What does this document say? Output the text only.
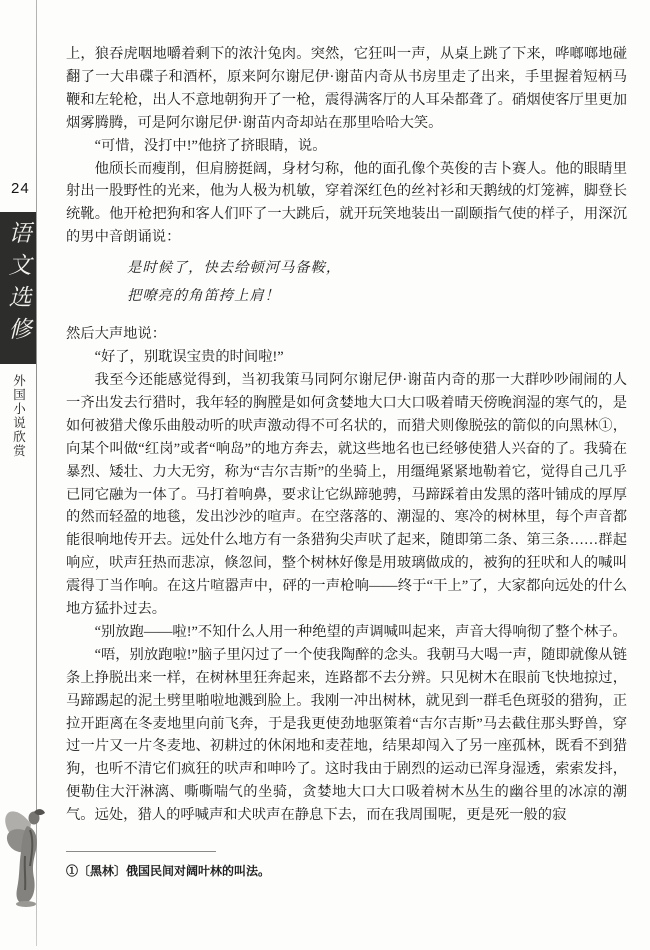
24
语文选修
外国小说欣赏

上，狼吞虎咽地嚼着剩下的浓汁兔肉。突然，它狂叫一声，从桌上跳了下来，哗啷啷地碰翻了一大串碟子和酒杯，原来阿尔谢尼伊·谢苗内奇从书房里走了出来，手里握着短柄马鞭和左轮枪，出人不意地朝狗开了一枪，震得满客厅的人耳朵都聋了。硝烟使客厅里更加烟雾腾腾，可是阿尔谢尼伊·谢苗内奇却站在那里哈哈大笑。

“可惜，没打中!”他挤了挤眼睛，说。

他颀长而瘦削，但肩膀挺阔，身材匀称，他的面孔像个英俊的吉卜赛人。他的眼睛里射出一股野性的光来，他为人极为机敏，穿着深红色的丝衬衫和天鹅绒的灯笼裤，脚登长统靴。他开枪把狗和客人们吓了一大跳后，就开玩笑地装出一副颐指气使的样子，用深沉的男中音朗诵说：

是时候了，快去给顿河马备鞍，
把嘹亮的角笛挎上肩！

然后大声地说：

“好了，别耽误宝贵的时间啦!”

我至今还能感觉得到，当初我策马同阿尔谢尼伊·谢苗内奇的那一大群吵吵闹闹的人一齐出发去行猎时，我年轻的胸膛是如何贪婪地大口大口吸着晴天傍晚润湿的寒气的，是如何被猎犬像乐曲般动听的吠声激动得不可名状的，而猎犬则像脱弦的箭似的向黑林①，向某个叫做“红岗”或者“响岛”的地方奔去，就这些地名也已经够使猎人兴奋的了。我骑在暴烈、矮壮、力大无穷，称为“吉尔吉斯”的坐骑上，用缰绳紧紧地勒着它，觉得自己几乎已同它融为一体了。马打着响鼻，要求让它纵蹄驰骋，马蹄踩着由发黑的落叶铺成的厚厚的然而轻盈的地毯，发出沙沙的喧声。在空落落的、潮湿的、寒冷的树林里，每个声音都能很响地传开去。远处什么地方有一条猎狗尖声吠了起来，随即第二条、第三条……群起响应，吠声狂热而悲凉，倏忽间，整个树林好像是用玻璃做成的，被狗的狂吠和人的喊叫震得丁当作响。在这片喧嚣声中，砰的一声枪响——终于“干上”了，大家都向远处的什么地方猛扑过去。

“别放跑——啦!”不知什么人用一种绝望的声调喊叫起来，声音大得响彻了整个林子。

“唔，别放跑啦!”脑子里闪过了一个使我陶醉的念头。我朝马大喝一声，随即就像从链条上挣脱出来一样，在树林里狂奔起来，连路都不去分辨。只见树木在眼前飞快地掠过，马蹄踢起的泥土劈里啪啦地溅到脸上。我刚一冲出树林，就见到一群毛色斑驳的猎狗，正拉开距离在冬麦地里向前飞奔，于是我更使劲地驱策着“吉尔吉斯”马去截住那头野兽，穿过一片又一片冬麦地、初耕过的休闲地和麦茬地，结果却闯入了另一座孤林，既看不到猎狗，也听不清它们疯狂的吠声和呻吟了。这时我由于剧烈的运动已浑身湿透，索索发抖，便勒住大汗淋漓、嘶嘶喘气的坐骑，贪婪地大口大口吸着树木丛生的幽谷里的冰凉的潮气。远处，猎人的呼喊声和犬吠声在静息下去，而在我周围呢，更是死一般的寂

①〔黑林〕俄国民间对阔叶林的叫法。
